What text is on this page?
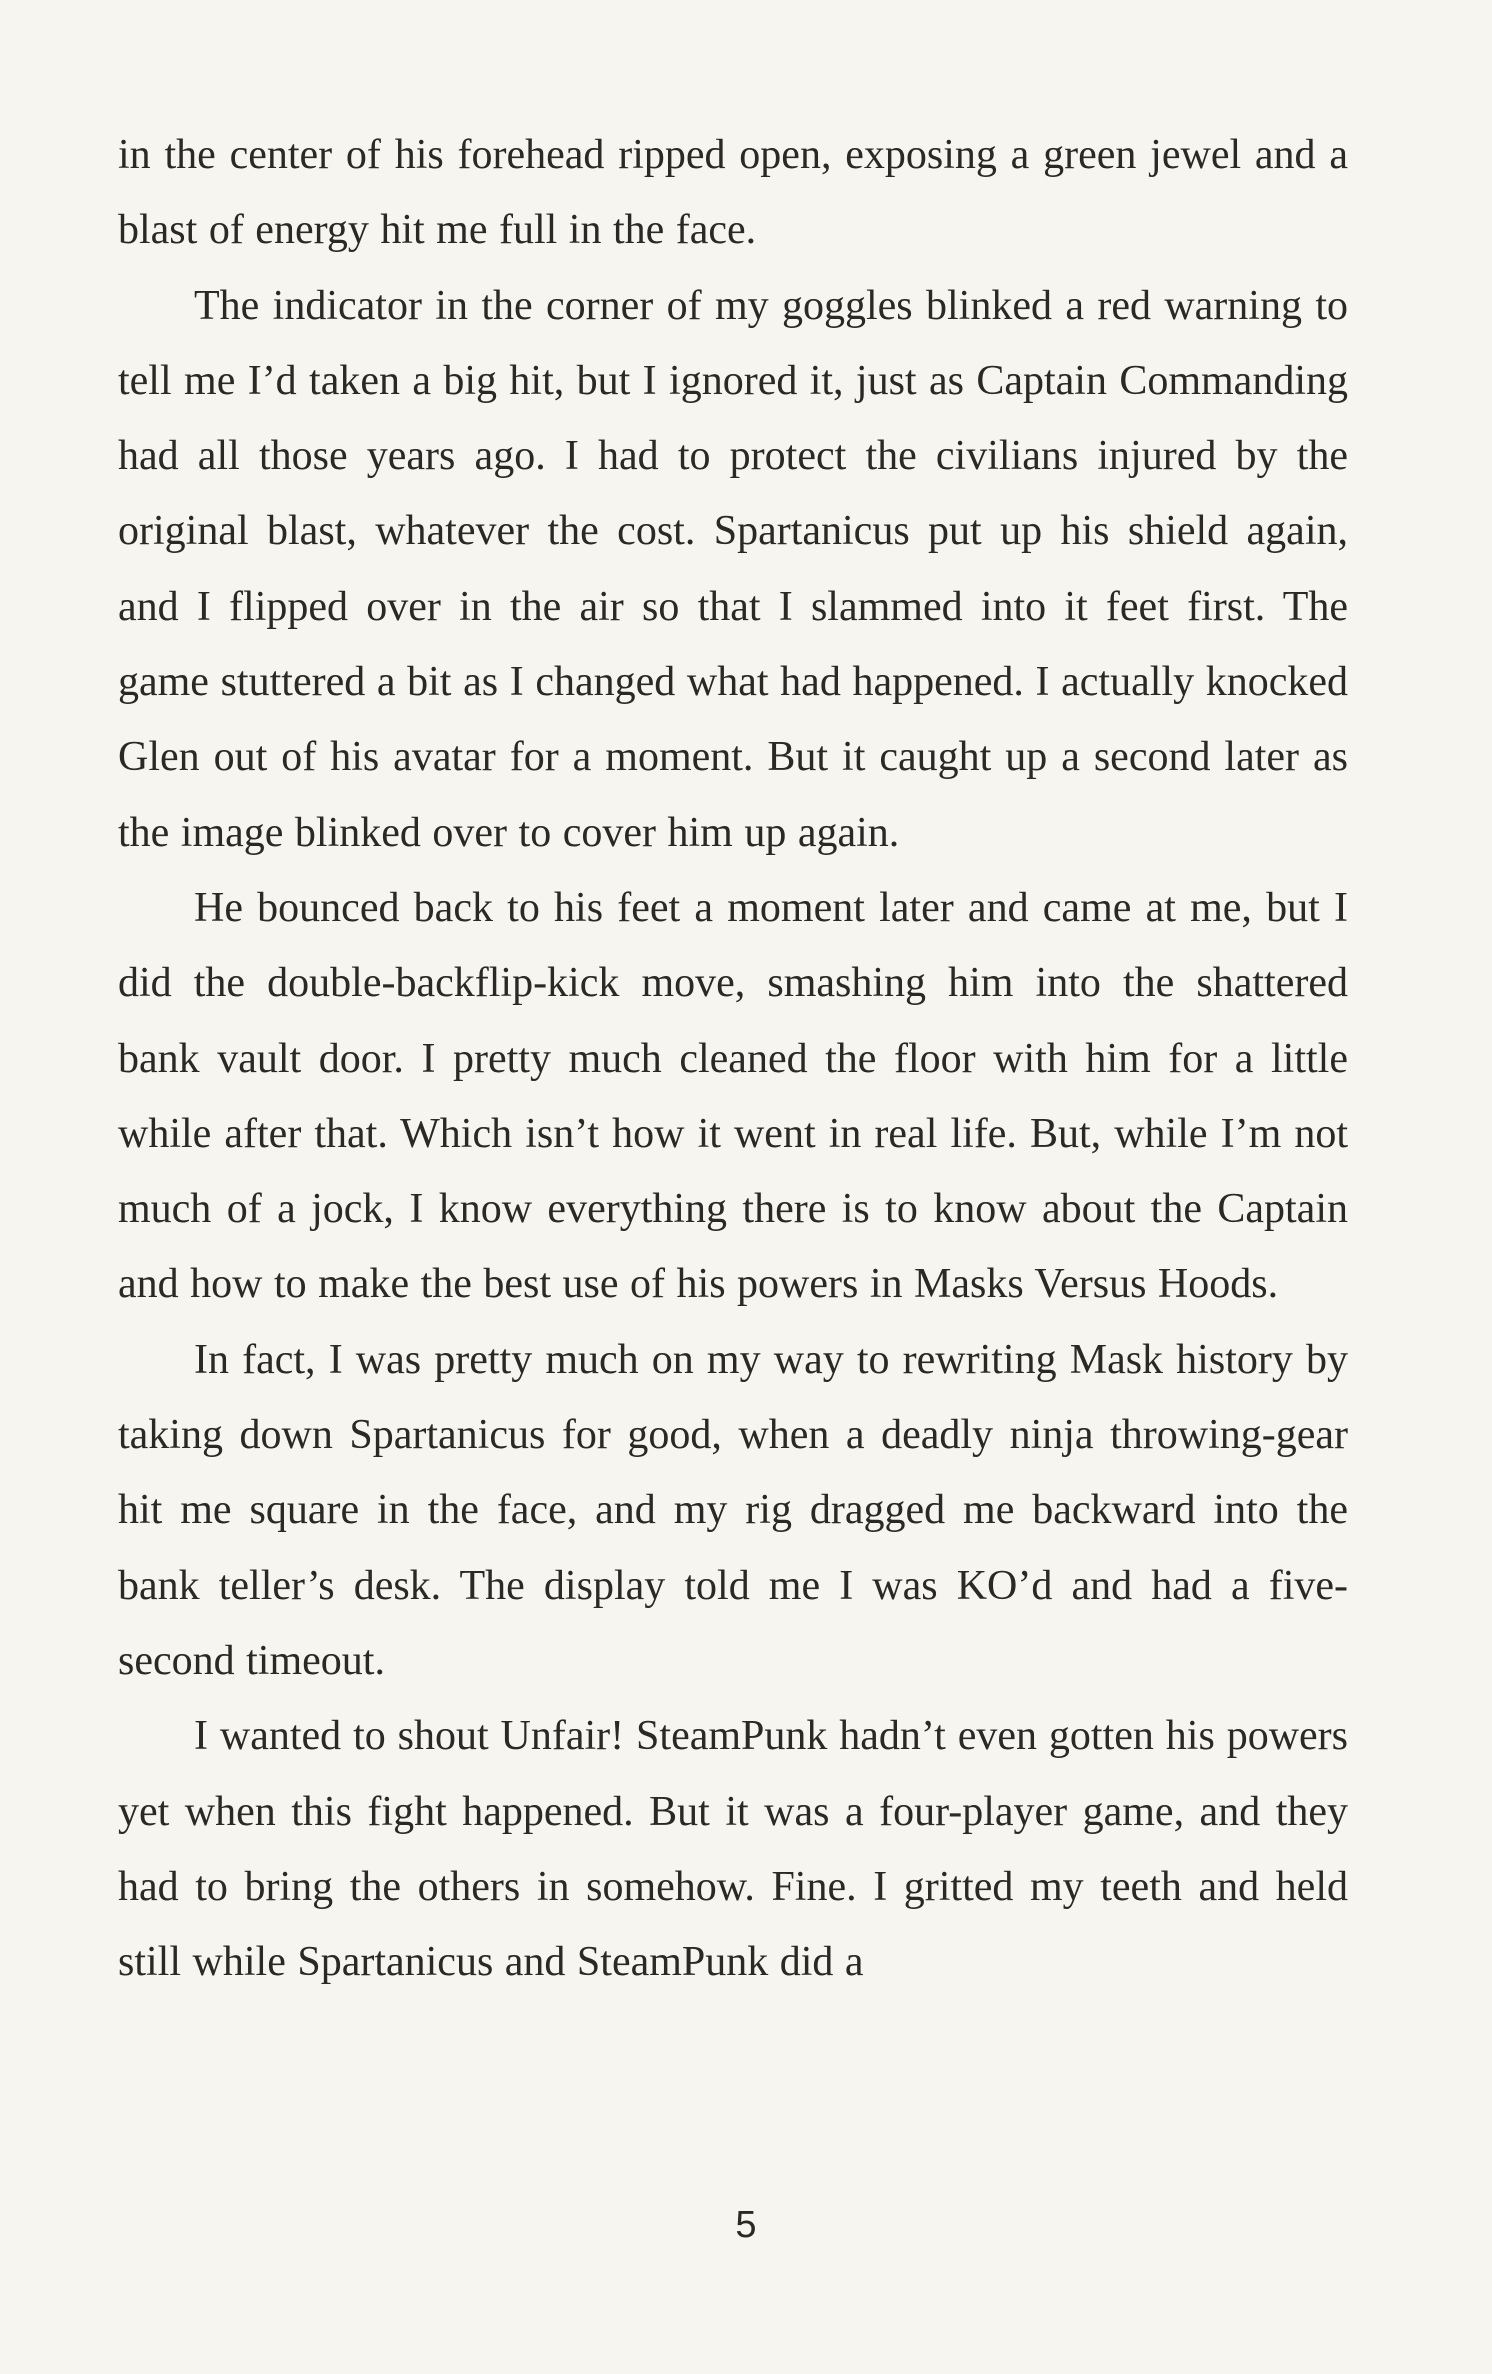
in the center of his forehead ripped open, exposing a green jewel and a blast of energy hit me full in the face.

The indicator in the corner of my goggles blinked a red warning to tell me I’d taken a big hit, but I ignored it, just as Captain Commanding had all those years ago. I had to protect the civilians injured by the original blast, whatever the cost. Spartanicus put up his shield again, and I flipped over in the air so that I slammed into it feet first. The game stuttered a bit as I changed what had happened. I actually knocked Glen out of his avatar for a moment. But it caught up a second later as the image blinked over to cover him up again.

He bounced back to his feet a moment later and came at me, but I did the double-backflip-kick move, smashing him into the shattered bank vault door. I pretty much cleaned the floor with him for a little while after that. Which isn’t how it went in real life. But, while I’m not much of a jock, I know everything there is to know about the Captain and how to make the best use of his powers in Masks Versus Hoods.

In fact, I was pretty much on my way to rewriting Mask history by taking down Spartanicus for good, when a deadly ninja throwing-gear hit me square in the face, and my rig dragged me backward into the bank teller’s desk. The display told me I was KO’d and had a five-second timeout.

I wanted to shout Unfair! SteamPunk hadn’t even gotten his powers yet when this fight happened. But it was a four-player game, and they had to bring the others in somehow. Fine. I gritted my teeth and held still while Spartanicus and SteamPunk did a

5
